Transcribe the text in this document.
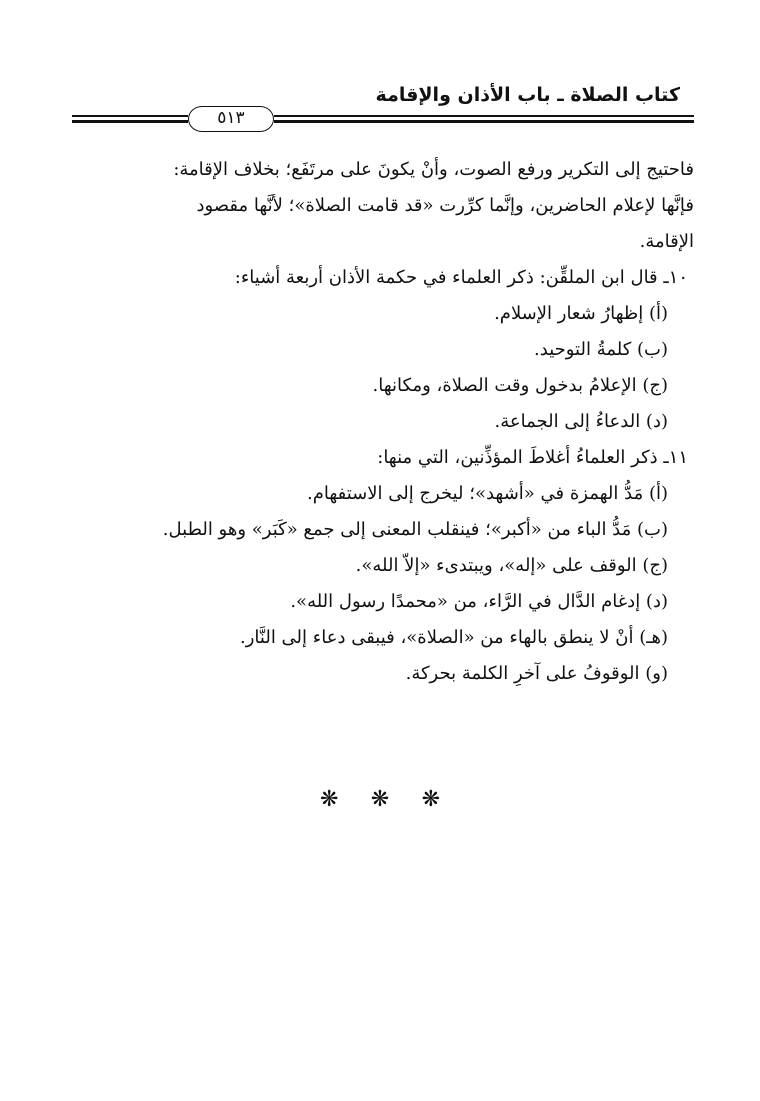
كتاب الصلاة ـ باب الأذان والإقامة
٥١٣

فاحتيج إلى التكرير ورفع الصوت، وأنْ يكونَ على مرتَفَع؛ بخلاف الإقامة:

فإنَّها لإعلام الحاضرين، وإنَّما كرِّرت «قد قامت الصلاة»؛ لأنَّها مقصود

الإقامة.

١٠ـ قال ابن الملقِّن: ذكر العلماء في حكمة الأذان أربعة أشياء:

(أ) إظهارُ شعار الإسلام.

(ب) كلمةُ التوحيد.

(ج) الإعلامُ بدخول وقت الصلاة، ومكانها.

(د) الدعاءُ إلى الجماعة.

١١ـ ذكر العلماءُ أغلاطَ المؤذِّنين، التي منها:

(أ) مَدُّ الهمزة في «أشهد»؛ ليخرج إلى الاستفهام.

(ب) مَدُّ الباء من «أكبر»؛ فينقلب المعنى إلى جمع «كَبَر» وهو الطبل.

(ج) الوقف على «إله»، ويبتدىء «إلاّ الله».

(د) إدغام الدَّال في الرَّاء، من «محمدًا رسول الله».

(هـ) أنْ لا ينطق بالهاء من «الصلاة»، فيبقى دعاء إلى النَّار.

(و) الوقوفُ على آخرِ الكلمة بحركة.

❋ ❋ ❋
